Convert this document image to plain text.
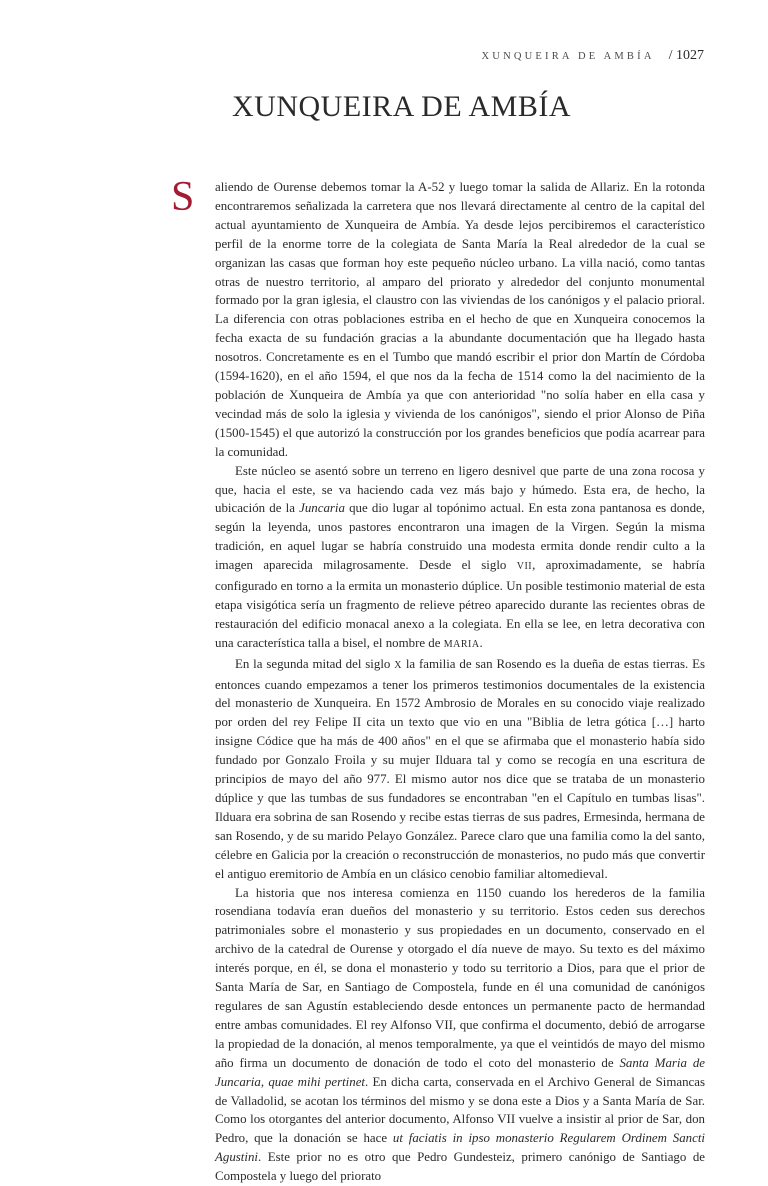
XUNQUEIRA DE AMBÍA / 1027
XUNQUEIRA DE AMBÍA

S aliendo de Ourense debemos tomar la A-52 y luego tomar la salida de Allariz. En la rotonda encontraremos señalizada la carretera que nos llevará directamente al centro de la capital del actual ayuntamiento de Xunqueira de Ambía. Ya desde lejos percibiremos el característico perfil de la enorme torre de la colegiata de Santa María la Real alrededor de la cual se organizan las casas que forman hoy este pequeño núcleo urbano. La villa nació, como tantas otras de nuestro territorio, al amparo del priorato y alrededor del conjunto monumental formado por la gran iglesia, el claustro con las viviendas de los canónigos y el palacio prioral. La diferencia con otras poblaciones estriba en el hecho de que en Xunqueira conocemos la fecha exacta de su fundación gracias a la abundante documentación que ha llegado hasta nosotros. Concretamente es en el Tumbo que mandó escribir el prior don Martín de Córdoba (1594-1620), en el año 1594, el que nos da la fecha de 1514 como la del nacimiento de la población de Xunqueira de Ambía ya que con anterioridad "no solía haber en ella casa y vecindad más de solo la iglesia y vivienda de los canónigos", siendo el prior Alonso de Piña (1500-1545) el que autorizó la construcción por los grandes beneficios que podía acarrear para la comunidad.

Este núcleo se asentó sobre un terreno en ligero desnivel que parte de una zona rocosa y que, hacia el este, se va haciendo cada vez más bajo y húmedo. Esta era, de hecho, la ubicación de la Juncaria que dio lugar al topónimo actual. En esta zona pantanosa es donde, según la leyenda, unos pastores encontraron una imagen de la Virgen. Según la misma tradición, en aquel lugar se habría construido una modesta ermita donde rendir culto a la imagen aparecida milagrosamente. Desde el siglo VII, aproximadamente, se habría configurado en torno a la ermita un monasterio dúplice. Un posible testimonio material de esta etapa visigótica sería un fragmento de relieve pétreo aparecido durante las recientes obras de restauración del edificio monacal anexo a la colegiata. En ella se lee, en letra decorativa con una característica talla a bisel, el nombre de MARIA.

En la segunda mitad del siglo X la familia de san Rosendo es la dueña de estas tierras. Es entonces cuando empezamos a tener los primeros testimonios documentales de la existencia del monasterio de Xunqueira. En 1572 Ambrosio de Morales en su conocido viaje realizado por orden del rey Felipe II cita un texto que vio en una "Biblia de letra gótica […] harto insigne Códice que ha más de 400 años" en el que se afirmaba que el monasterio había sido fundado por Gonzalo Froila y su mujer Ilduara tal y como se recogía en una escritura de principios de mayo del año 977. El mismo autor nos dice que se trataba de un monasterio dúplice y que las tumbas de sus fundadores se encontraban "en el Capítulo en tumbas lisas". Ilduara era sobrina de san Rosendo y recibe estas tierras de sus padres, Ermesinda, hermana de san Rosendo, y de su marido Pelayo González. Parece claro que una familia como la del santo, célebre en Galicia por la creación o reconstrucción de monasterios, no pudo más que convertir el antiguo eremitorio de Ambía en un clásico cenobio familiar altomedieval.

La historia que nos interesa comienza en 1150 cuando los herederos de la familia rosendiana todavía eran dueños del monasterio y su territorio. Estos ceden sus derechos patrimoniales sobre el monasterio y sus propiedades en un documento, conservado en el archivo de la catedral de Ourense y otorgado el día nueve de mayo. Su texto es del máximo interés porque, en él, se dona el monasterio y todo su territorio a Dios, para que el prior de Santa María de Sar, en Santiago de Compostela, funde en él una comunidad de canónigos regulares de san Agustín estableciendo desde entonces un permanente pacto de hermandad entre ambas comunidades. El rey Alfonso VII, que confirma el documento, debió de arrogarse la propiedad de la donación, al menos temporalmente, ya que el veintidós de mayo del mismo año firma un documento de donación de todo el coto del monasterio de Santa Maria de Juncaria, quae mihi pertinet. En dicha carta, conservada en el Archivo General de Simancas de Valladolid, se acotan los términos del mismo y se dona este a Dios y a Santa María de Sar. Como los otorgantes del anterior documento, Alfonso VII vuelve a insistir al prior de Sar, don Pedro, que la donación se hace ut faciatis in ipso monasterio Regularem Ordinem Sancti Agustini. Este prior no es otro que Pedro Gundesteiz, primero canónigo de Santiago de Compostela y luego del priorato
